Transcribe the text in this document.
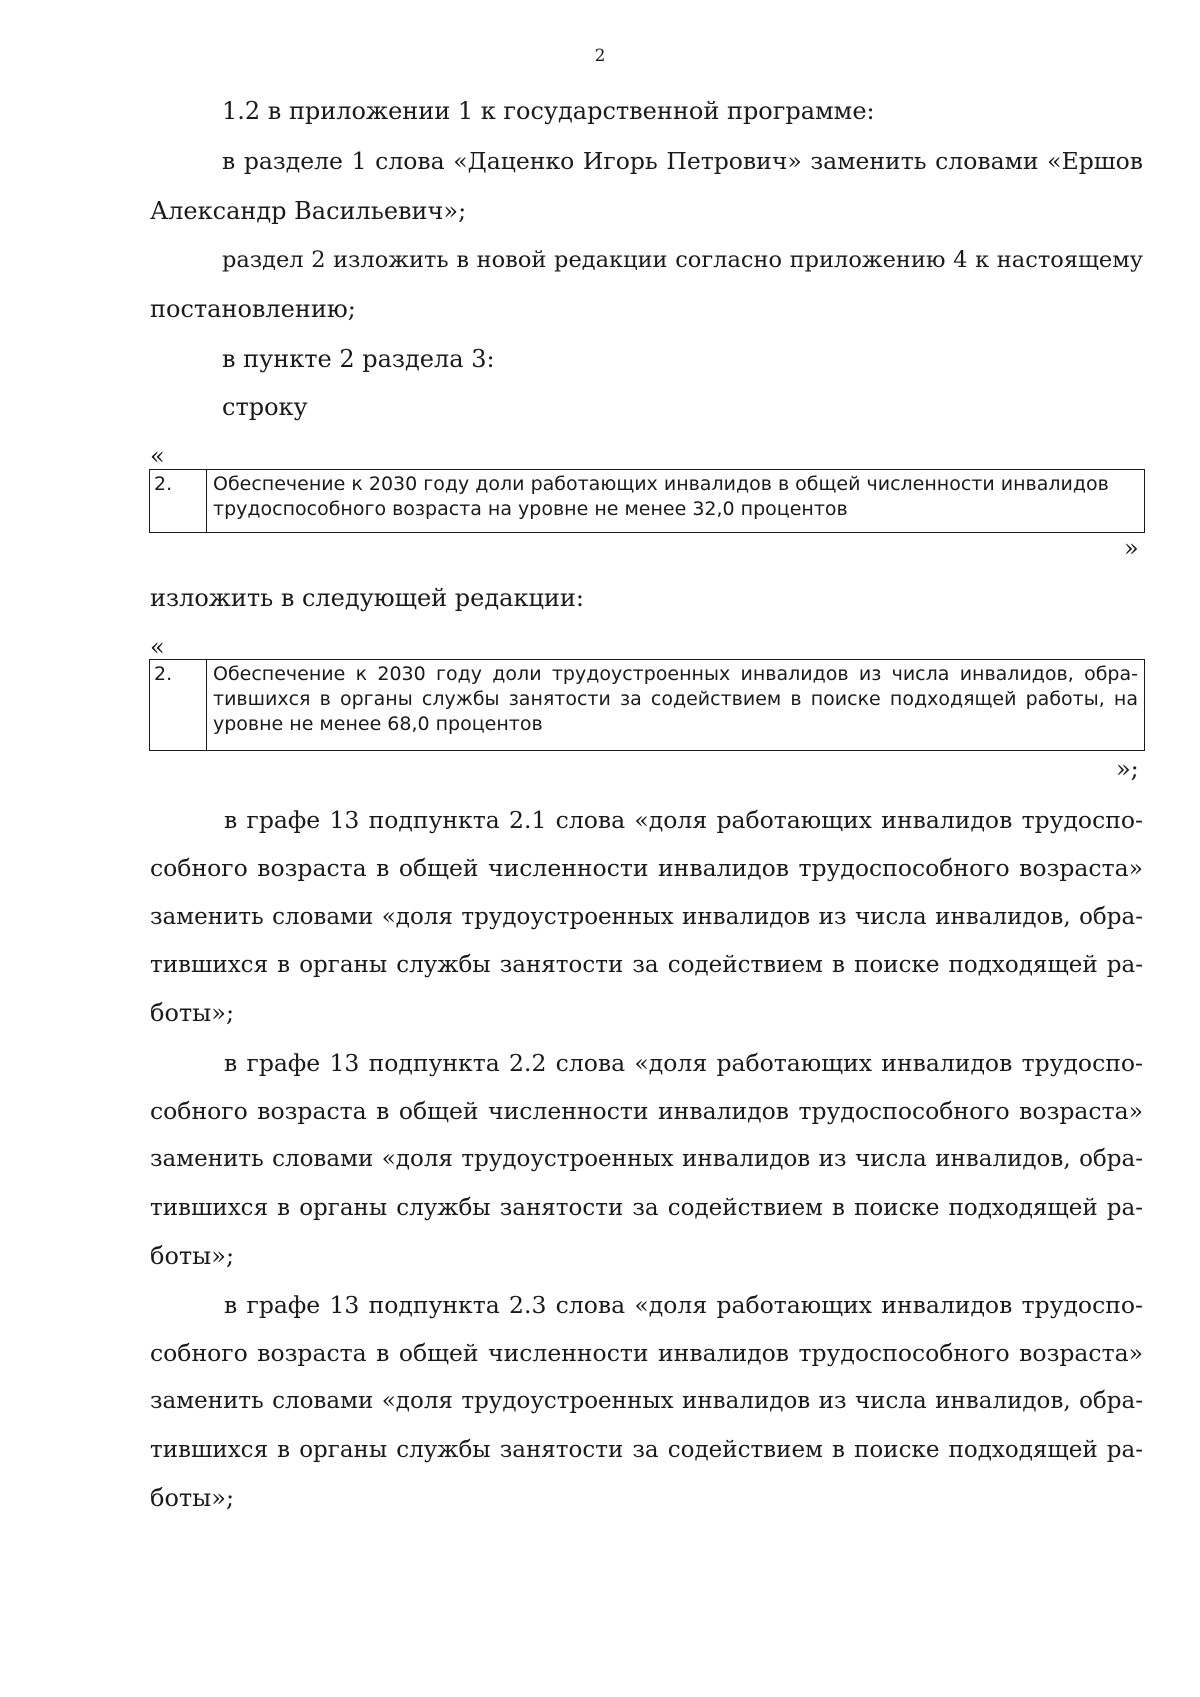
2
1.2 в приложении 1 к государственной программе:
в разделе 1 слова «Даценко Игорь Петрович» заменить словами «Ершов
Александр Васильевич»;
раздел 2 изложить в новой редакции согласно приложению 4 к настоящему
постановлению;
в пункте 2 раздела 3:
строку
«
2.	Обеспечение к 2030 году доли работающих инвалидов в общей численности инвалидов
трудоспособного возраста на уровне не менее 32,0 процентов
»
изложить в следующей редакции:
«
2.	Обеспечение к 2030 году доли трудоустроенных инвалидов из числа инвалидов, обра-
тившихся в органы службы занятости за содействием в поиске подходящей работы, на
уровне не менее 68,0 процентов
»;
в графе 13 подпункта 2.1 слова «доля работающих инвалидов трудоспо-
собного возраста в общей численности инвалидов трудоспособного возраста»
заменить словами «доля трудоустроенных инвалидов из числа инвалидов, обра-
тившихся в органы службы занятости за содействием в поиске подходящей ра-
боты»;
в графе 13 подпункта 2.2 слова «доля работающих инвалидов трудоспо-
собного возраста в общей численности инвалидов трудоспособного возраста»
заменить словами «доля трудоустроенных инвалидов из числа инвалидов, обра-
тившихся в органы службы занятости за содействием в поиске подходящей ра-
боты»;
в графе 13 подпункта 2.3 слова «доля работающих инвалидов трудоспо-
собного возраста в общей численности инвалидов трудоспособного возраста»
заменить словами «доля трудоустроенных инвалидов из числа инвалидов, обра-
тившихся в органы службы занятости за содействием в поиске подходящей ра-
боты»;
